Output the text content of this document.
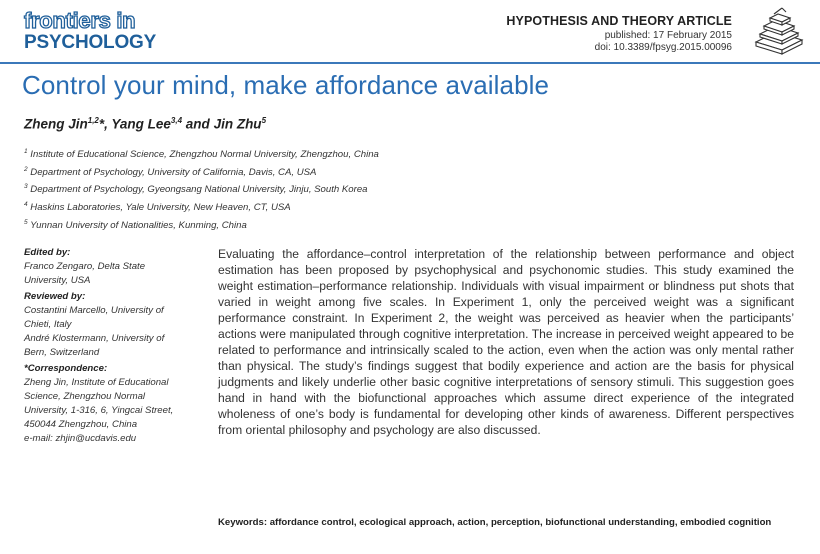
frontiers in
PSYCHOLOGY
HYPOTHESIS AND THEORY ARTICLE
published: 17 February 2015
doi: 10.3389/fpsyg.2015.00096
Control your mind, make affordance available
Zheng Jin$^{1,2}$*, Yang Lee$^{3,4}$ and Jin Zhu$^5$
$^1$ Institute of Educational Science, Zhengzhou Normal University, Zhengzhou, China
$^2$ Department of Psychology, University of California, Davis, CA, USA
$^3$ Department of Psychology, Gyeongsang National University, Jinju, South Korea
$^4$ Haskins Laboratories, Yale University, New Heaven, CT, USA
$^5$ Yunnan University of Nationalities, Kunming, China
Edited by:
Franco Zengaro, Delta State
University, USA
Reviewed by:
Costantini Marcello, University of
Chieti, Italy
André Klostermann, University of
Bern, Switzerland
*Correspondence:
Zheng Jin, Institute of Educational
Science, Zhengzhou Normal
University, 1-316, 6, Yingcai Street,
450044 Zhengzhou, China
e-mail: zhjin@ucdavis.edu
Evaluating the affordance–control interpretation of the relationship between performance and object estimation has been proposed by psychophysical and psychonomic studies. This study examined the weight estimation–performance relationship. Individuals with visual impairment or blindness put shots that varied in weight among five scales. In Experiment 1, only the perceived weight was a significant performance constraint. In Experiment 2, the weight was perceived as heavier when the participants’ actions were manipulated through cognitive interpretation. The increase in perceived weight appeared to be related to performance and intrinsically scaled to the action, even when the action was only mental rather than physical. The study’s findings suggest that bodily experience and action are the basis for physical judgments and likely underlie other basic cognitive interpretations of sensory stimuli. This suggestion goes hand in hand with the biofunctional approaches which assume direct experience of the integrated wholeness of one’s body is fundamental for developing other kinds of awareness. Different perspectives from oriental philosophy and psychology are also discussed.
Keywords: affordance control, ecological approach, action, perception, biofunctional understanding, embodied cognition
